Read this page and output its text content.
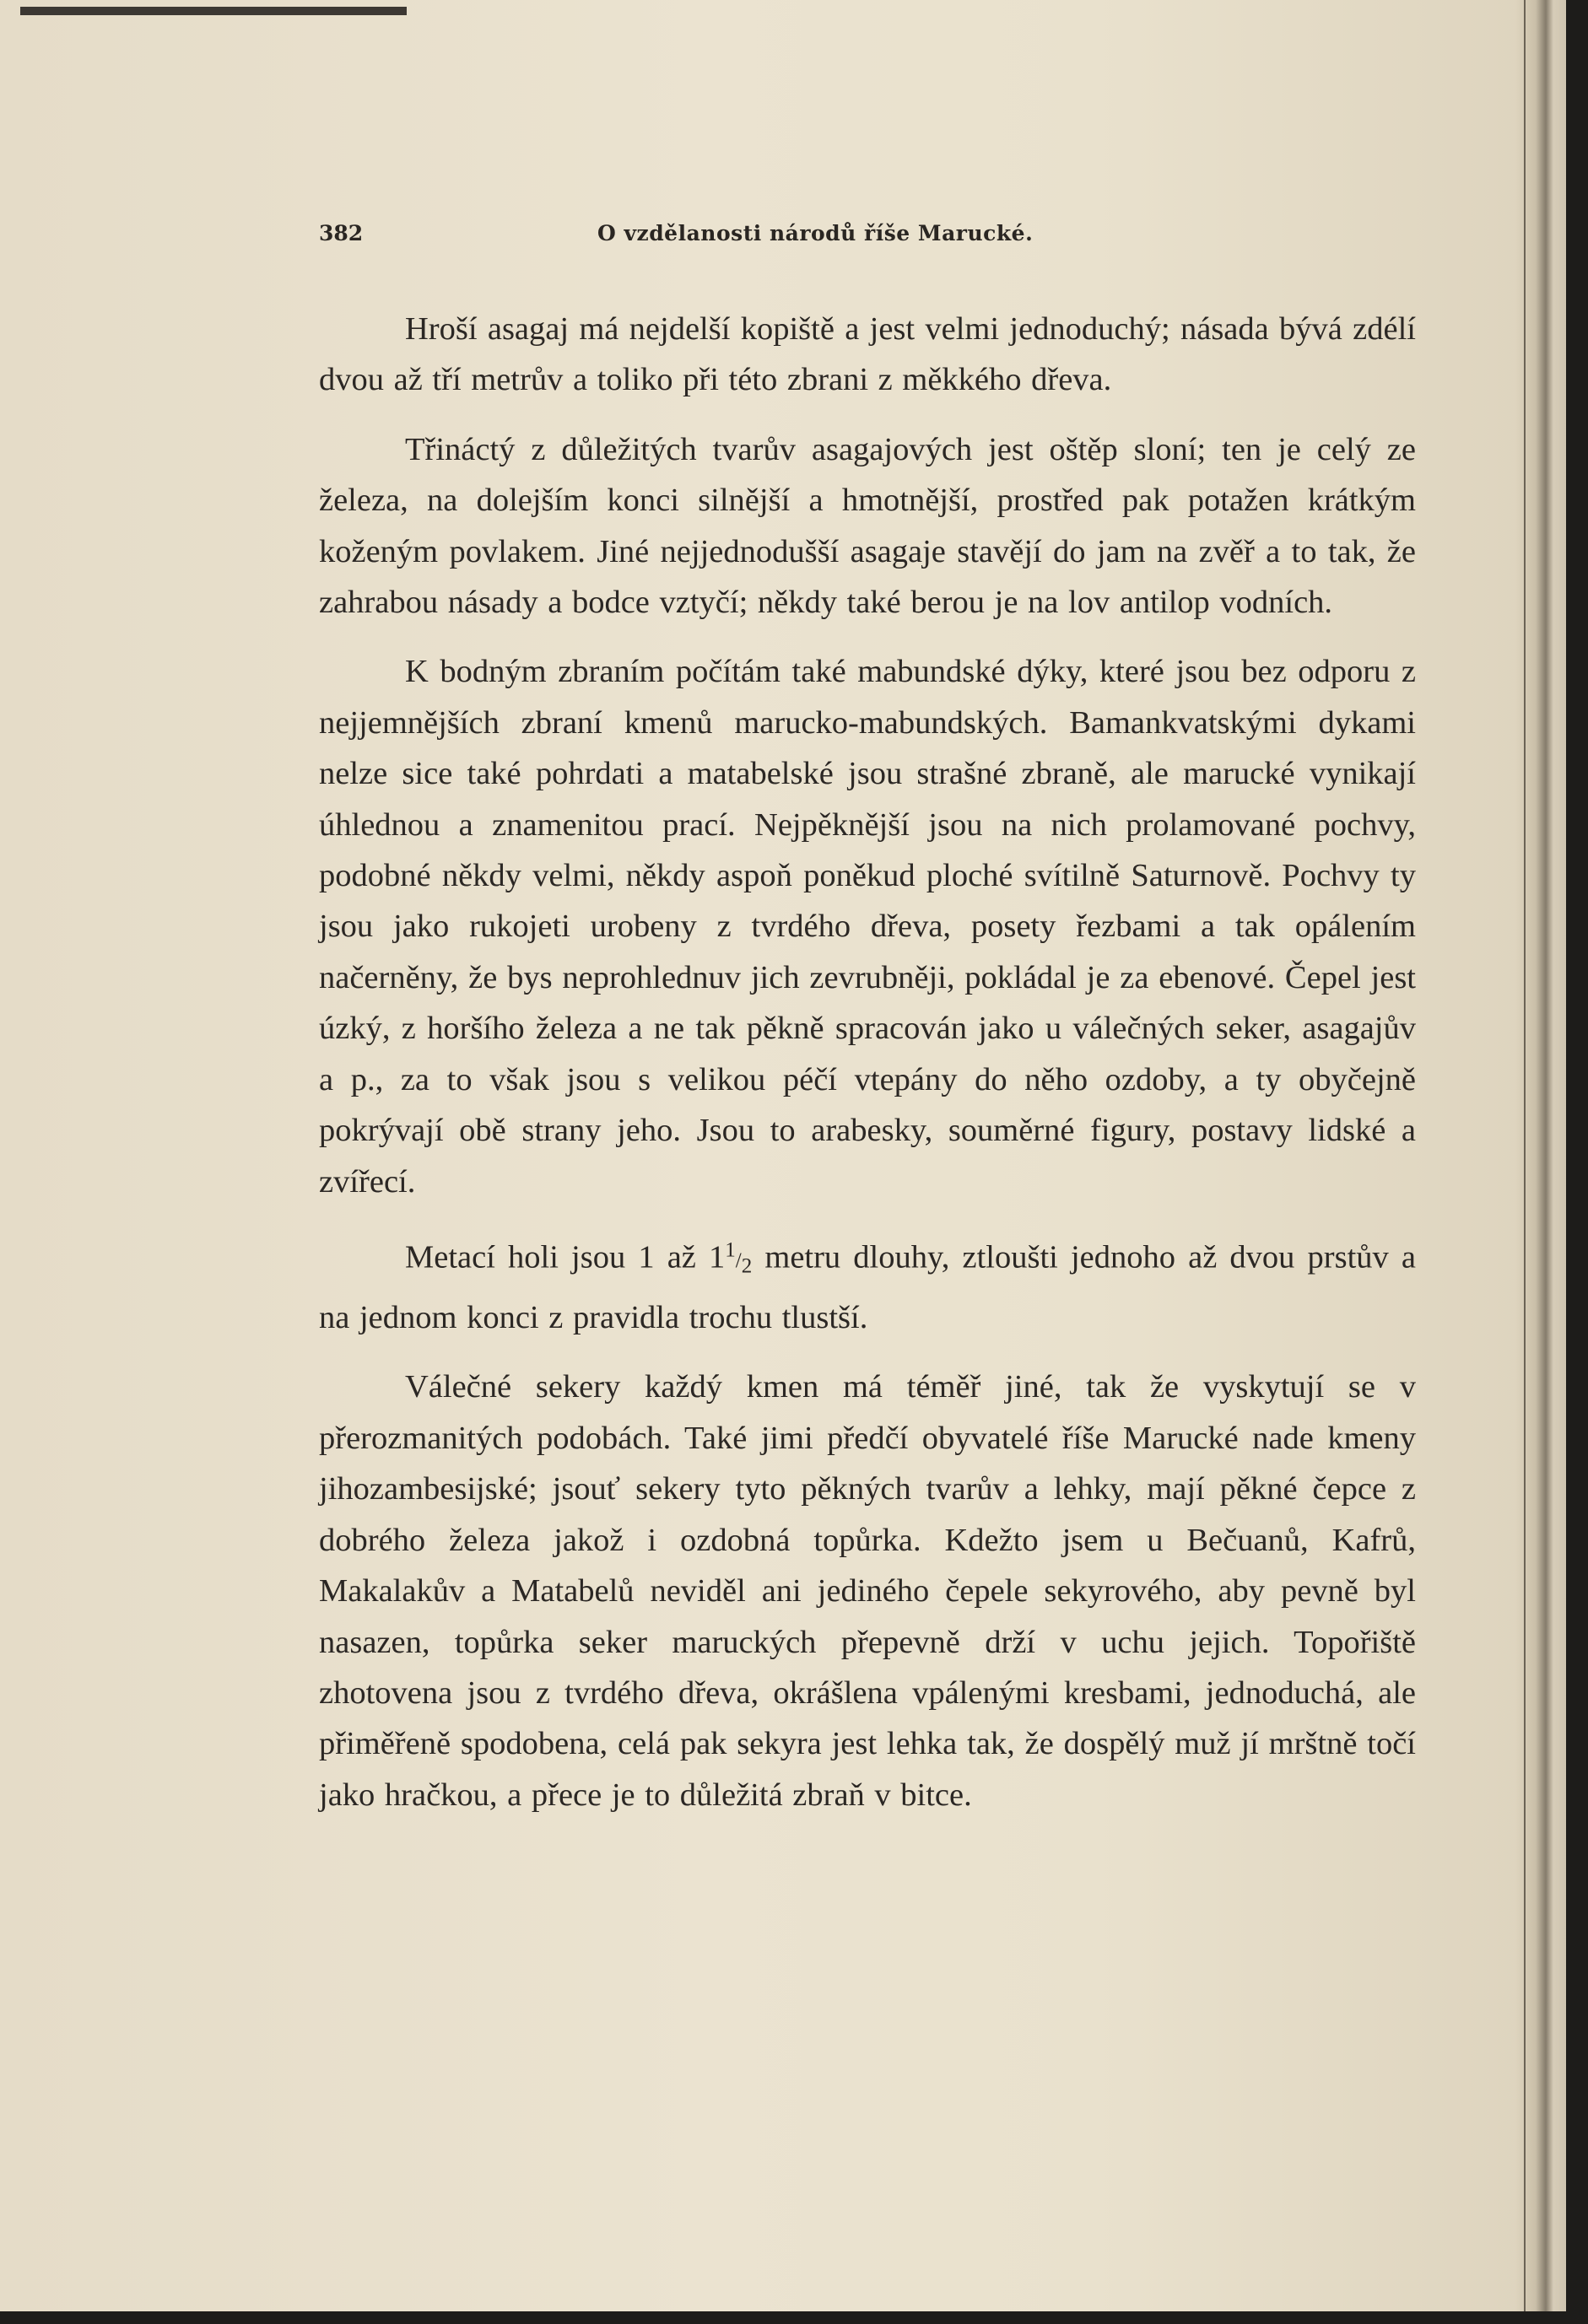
382	O vzdělanosti národů říše Marucké.

Hroší asagaj má nejdelší kopiště a jest velmi jednoduchý; násada bývá zdélí dvou až tří metrův a toliko při této zbrani z měkkého dřeva.

Třináctý z důležitých tvarův asagajových jest oštěp sloní; ten je celý ze železa, na dolejším konci silnější a hmotnější, prostřed pak potažen krátkým koženým povlakem. Jiné nejjednodušší asagaje stavějí do jam na zvěř a to tak, že zahrabou násady a bodce vztyčí; někdy také berou je na lov antilop vodních.

K bodným zbraním počítám také mabundské dýky, které jsou bez odporu z nejjemnějších zbraní kmenů marucko-mabundských. Bamankvatskými dykami nelze sice také pohrdati a matabelské jsou strašné zbraně, ale marucké vynikají úhlednou a znamenitou prací. Nejpěknější jsou na nich prolamované pochvy, podobné někdy velmi, někdy aspoň poněkud ploché svítilně Saturnově. Pochvy ty jsou jako rukojeti urobeny z tvrdého dřeva, posety řezbami a tak opálením načerněny, že bys neprohlednuv jich zevrubněji, pokládal je za ebenové. Čepel jest úzký, z horšího železa a ne tak pěkně spracován jako u válečných seker, asagajův a p., za to však jsou s velikou péčí vtepány do něho ozdoby, a ty obyčejně pokrývají obě strany jeho. Jsou to arabesky, souměrné figury, postavy lidské a zvířecí.

Metací holi jsou 1 až 11/2 metru dlouhy, ztloušti jednoho až dvou prstův a na jednom konci z pravidla trochu tlustší.

Válečné sekery každý kmen má téměř jiné, tak že vyskytují se v přerozmanitých podobách. Také jimi předčí obyvatelé říše Marucké nade kmeny jihozambesijské; jsouť sekery tyto pěkných tvarův a lehky, mají pěkné čepce z dobrého železa jakož i ozdobná topůrka. Kdežto jsem u Bečuanů, Kafrů, Makalakův a Matabelů neviděl ani jediného čepele sekyrového, aby pevně byl nasazen, topůrka seker maruckých přepevně drží v uchu jejich. Topořiště zhotovena jsou z tvrdého dřeva, okrášlena vpálenými kresbami, jednoduchá, ale přiměřeně spodobena, celá pak sekyra jest lehka tak, že dospělý muž jí mrštně točí jako hračkou, a přece je to důležitá zbraň v bitce.
